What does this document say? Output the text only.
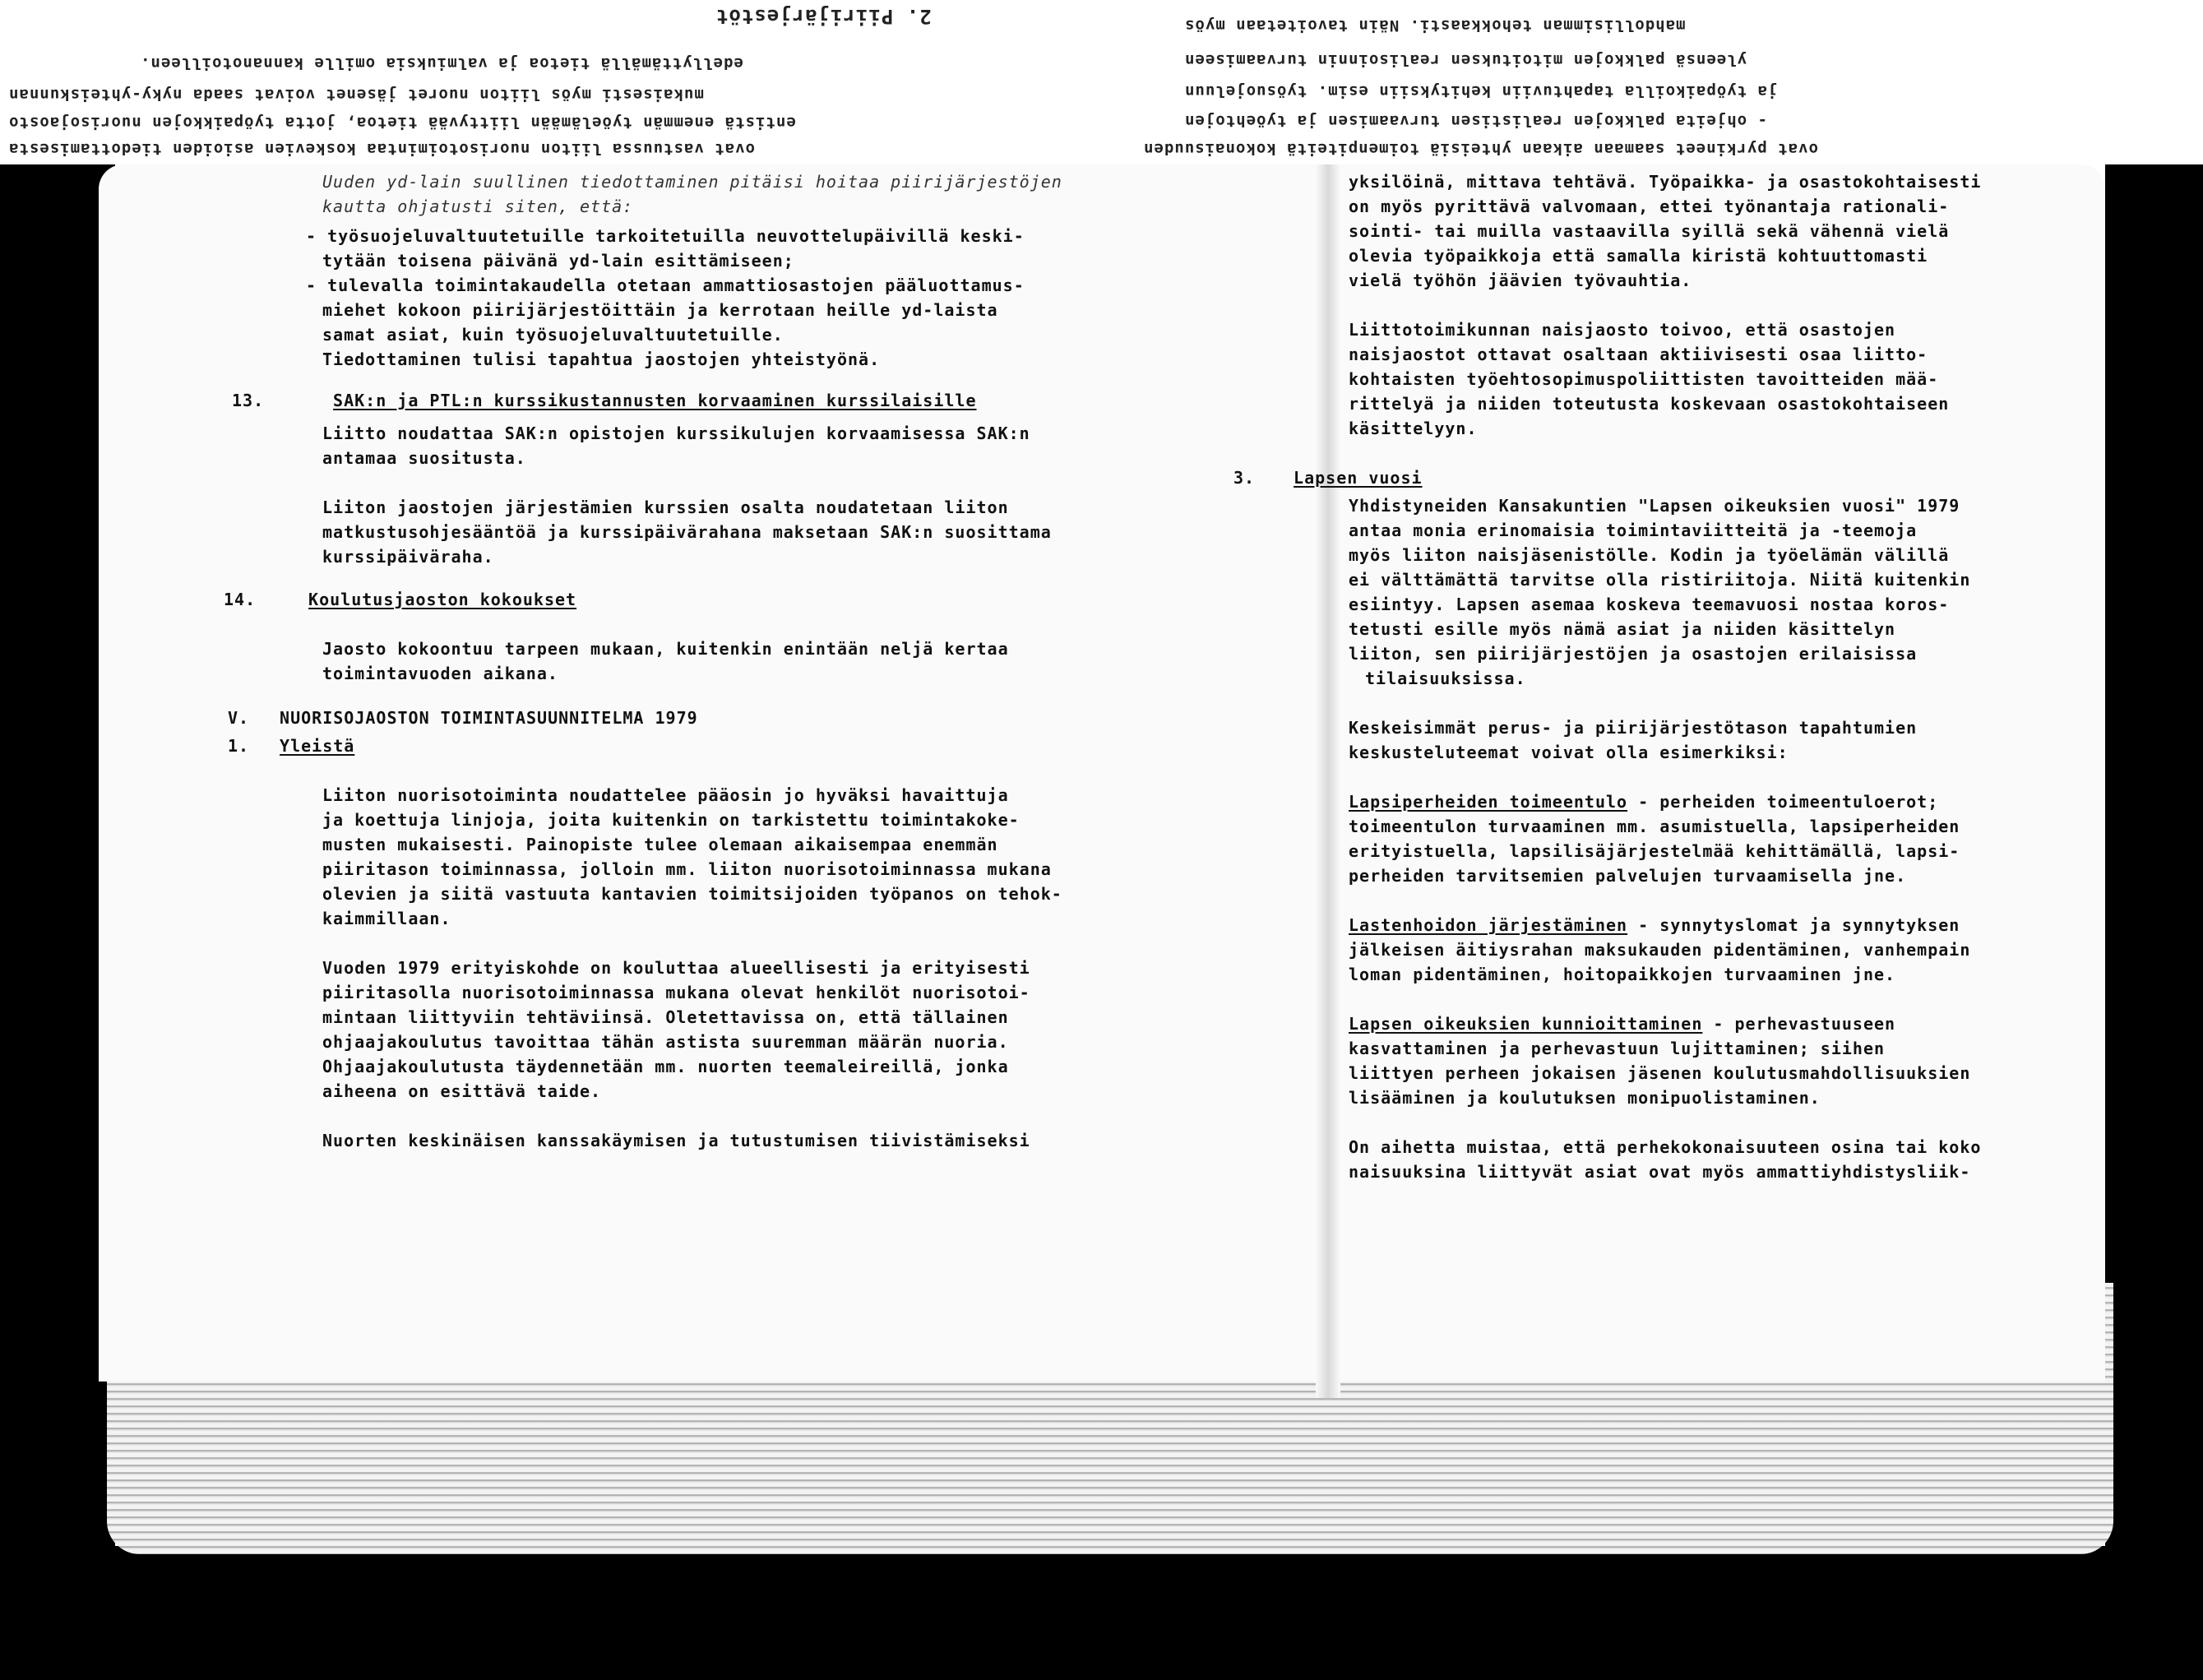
2. Piirijärjestöt
edellyttämällä tietoa ja valmiuksia omille kannanotoilleen.
mukaisesti myös liiton nuoret jäsenet voivat saada nyky-yhteiskunnan
entistä enemmän työelämään liittyvää tietoa, jotta työpaikkojen nuorisojaosto
ovat vastuussa liiton nuorisotoimintaa koskevien asioiden tiedottamisesta
mahdollisimman tehokkaasti. Näin tavoitetaan myös
yleensä palkkojen mitoituksen realisoinnin turvaamiseen
ja työpaikoilla tapahtuviin kehityksiin esim. työsuojeluun
- ohjeita palkkojen realistisen turvaamisen ja työehtojen
ovat pyrkineet saamaan aikaan yhteisiä toimenpiteitä kokonaisuuden
Uuden yd-lain suullinen tiedottaminen pitäisi hoitaa piirijärjestöjen
kautta ohjatusti siten, että:
- työsuojeluvaltuutetuille tarkoitetuilla neuvottelupäivillä keski-
tytään toisena päivänä yd-lain esittämiseen;
- tulevalla toimintakaudella otetaan ammattiosastojen pääluottamus-
miehet kokoon piirijärjestöittäin ja kerrotaan heille yd-laista
samat asiat, kuin työsuojeluvaltuutetuille.
Tiedottaminen tulisi tapahtua jaostojen yhteistyönä.
13.	SAK:n ja PTL:n kurssikustannusten korvaaminen kurssilaisille
Liitto noudattaa SAK:n opistojen kurssikulujen korvaamisessa SAK:n
antamaa suositusta.
Liiton jaostojen järjestämien kurssien osalta noudatetaan liiton
matkustusohjesääntöä ja kurssipäivärahana maksetaan SAK:n suosittama
kurssipäiväraha.
14.	Koulutusjaoston kokoukset
Jaosto kokoontuu tarpeen mukaan, kuitenkin enintään neljä kertaa
toimintavuoden aikana.
V. NUORISOJAOSTON TOIMINTASUUNNITELMA 1979
1. Yleistä
Liiton nuorisotoiminta noudattelee pääosin jo hyväksi havaittuja
ja koettuja linjoja, joita kuitenkin on tarkistettu toimintakoke-
musten mukaisesti. Painopiste tulee olemaan aikaisempaa enemmän
piiritason toiminnassa, jolloin mm. liiton nuorisotoiminnassa mukana
olevien ja siitä vastuuta kantavien toimitsijoiden työpanos on tehok-
kaimmillaan.
Vuoden 1979 erityiskohde on kouluttaa alueellisesti ja erityisesti
piiritasolla nuorisotoiminnassa mukana olevat henkilöt nuorisotoi-
mintaan liittyviin tehtäviinsä. Oletettavissa on, että tällainen
ohjaajakoulutus tavoittaa tähän astista suuremman määrän nuoria.
Ohjaajakoulutusta täydennetään mm. nuorten teemaleireillä, jonka
aiheena on esittävä taide.
Nuorten keskinäisen kanssakäymisen ja tutustumisen tiivistämiseksi
yksilöinä, mittava tehtävä. Työpaikka- ja osastokohtaisesti
on myös pyrittävä valvomaan, ettei työnantaja rationali-
sointi- tai muilla vastaavilla syillä sekä vähennä vielä
olevia työpaikkoja että samalla kiristä kohtuuttomasti
vielä työhön jäävien työvauhtia.
Liittotoimikunnan naisjaosto toivoo, että osastojen
naisjaostot ottavat osaltaan aktiivisesti osaa liitto-
kohtaisten työehtosopimuspoliittisten tavoitteiden mää-
rittelyä ja niiden toteutusta koskevaan osastokohtaiseen
käsittelyyn.
3. Lapsen vuosi
Yhdistyneiden Kansakuntien "Lapsen oikeuksien vuosi" 1979
antaa monia erinomaisia toimintaviitteitä ja -teemoja
myös liiton naisjäsenistölle. Kodin ja työelämän välillä
ei välttämättä tarvitse olla ristiriitoja. Niitä kuitenkin
esiintyy. Lapsen asemaa koskeva teemavuosi nostaa koros-
tetusti esille myös nämä asiat ja niiden käsittelyn
liiton, sen piirijärjestöjen ja osastojen erilaisissa
tilaisuuksissa.
Keskeisimmät perus- ja piirijärjestötason tapahtumien
keskusteluteemat voivat olla esimerkiksi:
Lapsiperheiden toimeentulo - perheiden toimeentuloerot;
toimeentulon turvaaminen mm. asumistuella, lapsiperheiden
erityistuella, lapsilisäjärjestelmää kehittämällä, lapsi-
perheiden tarvitsemien palvelujen turvaamisella jne.
Lastenhoidon järjestäminen - synnytyslomat ja synnytyksen
jälkeisen äitiysrahan maksukauden pidentäminen, vanhempain
loman pidentäminen, hoitopaikkojen turvaaminen jne.
Lapsen oikeuksien kunnioittaminen - perhevastuuseen
kasvattaminen ja perhevastuun lujittaminen; siihen
liittyen perheen jokaisen jäsenen koulutusmahdollisuuksien
lisääminen ja koulutuksen monipuolistaminen.
On aihetta muistaa, että perhekokonaisuuteen osina tai koko
naisuuksina liittyvät asiat ovat myös ammattiyhdistysliik-
